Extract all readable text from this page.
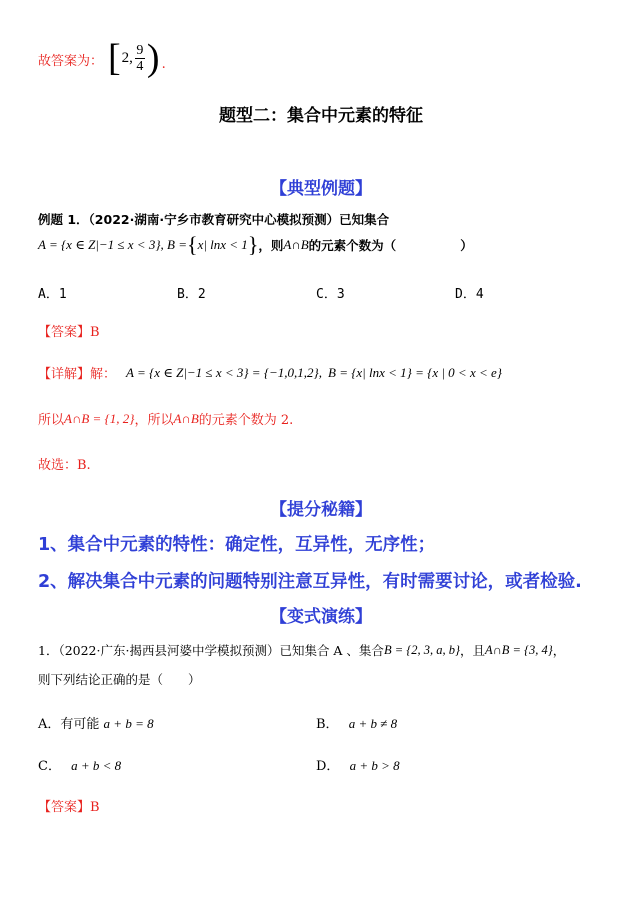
故答案为： [ 2, $\frac{9}{4}$ ) .
题型二：集合中元素的特征
【典型例题】
例题 1．（2022·湖南·宁乡市教育研究中心模拟预测）已知集合
A = {x ∈ Z|−1 ≤ x < 3}, B = { x| lnx < 1 } ，则 A∩B 的元素个数为（	）
A．1	B．2	C．3	D．4
【答案】B
【详解】 解： A = {x ∈ Z|−1 ≤ x < 3} = {−1,0,1,2}, B = {x| lnx < 1} = {x | 0 < x < e}
所以 A∩B = {1, 2} ，所以 A∩B 的元素个数为 2.
故选：B.
【提分秘籍】
1、集合中元素的特性：确定性，互异性，无序性；
2、解决集合中元素的问题特别注意互异性，有时需要讨论，或者检验.
【变式演练】
1．（2022·广东·揭西县河婆中学模拟预测）已知集合 A 、集合 B = {2, 3, a, b} ，且 A∩B = {3, 4} ，
则下列结论正确的是（　　）
A．有可能 a + b = 8	B． a + b ≠ 8
C． a + b < 8	D． a + b > 8
【答案】B
